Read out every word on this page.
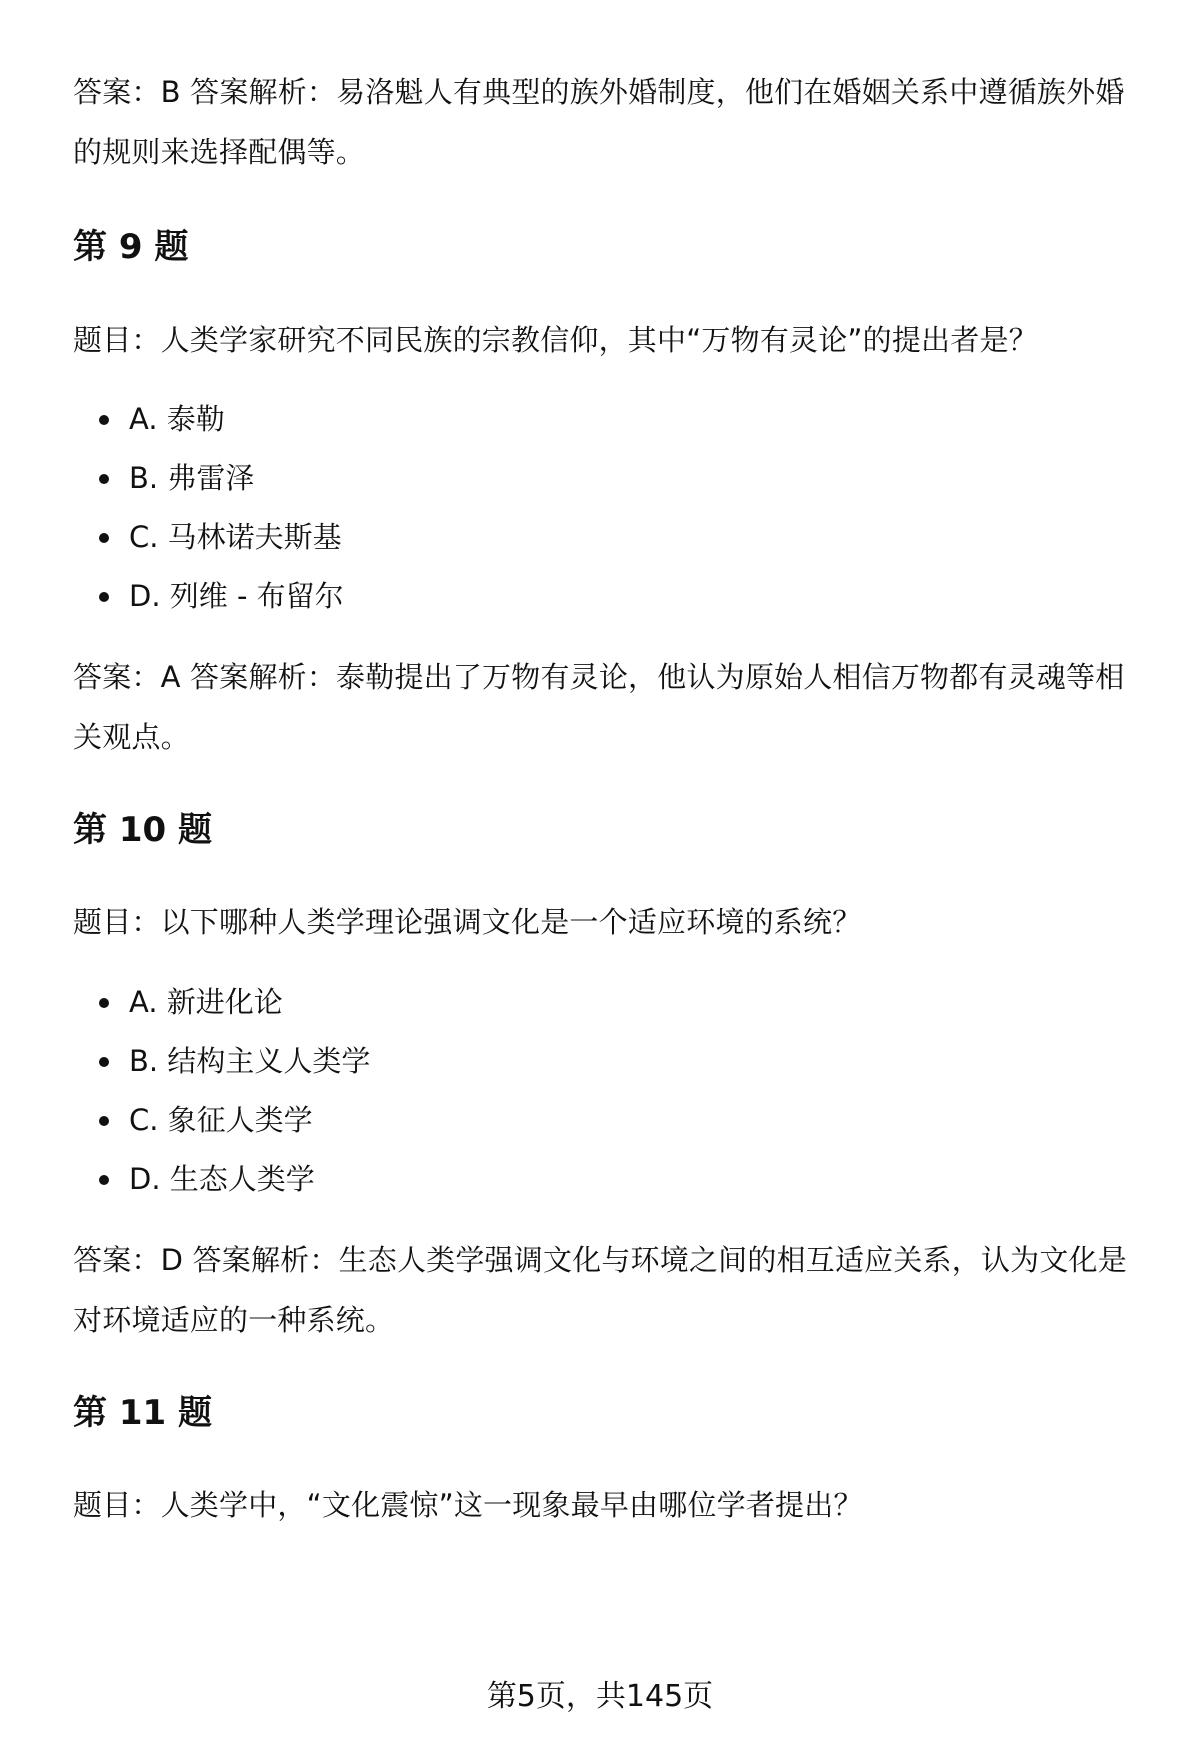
答案：B 答案解析：易洛魁人有典型的族外婚制度，他们在婚姻关系中遵循族外婚的规则来选择配偶等。

第 9 题

题目：人类学家研究不同民族的宗教信仰，其中“万物有灵论”的提出者是？

A. 泰勒
B. 弗雷泽
C. 马林诺夫斯基
D. 列维 - 布留尔

答案：A 答案解析：泰勒提出了万物有灵论，他认为原始人相信万物都有灵魂等相关观点。

第 10 题

题目：以下哪种人类学理论强调文化是一个适应环境的系统？

A. 新进化论
B. 结构主义人类学
C. 象征人类学
D. 生态人类学

答案：D 答案解析：生态人类学强调文化与环境之间的相互适应关系，认为文化是对环境适应的一种系统。

第 11 题

题目：人类学中，“文化震惊”这一现象最早由哪位学者提出？

第5页，共145页
